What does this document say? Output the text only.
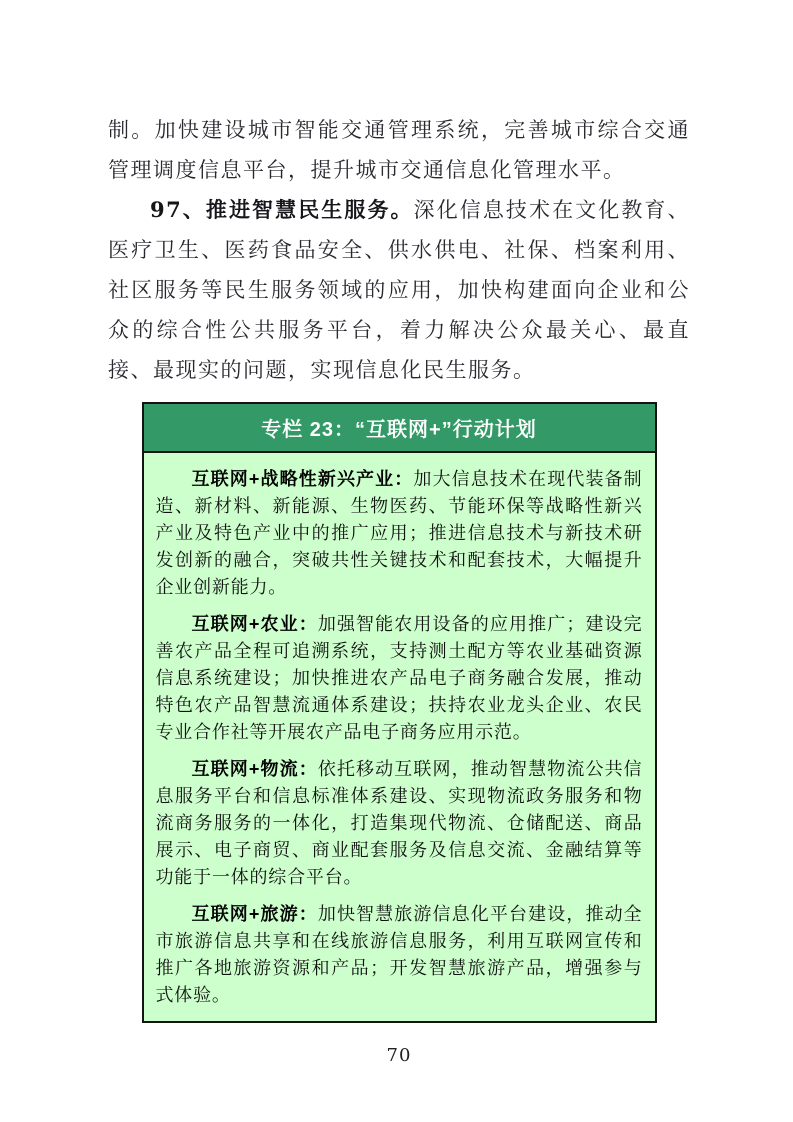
制。加快建设城市智能交通管理系统，完善城市综合交通管理调度信息平台，提升城市交通信息化管理水平。

97、推进智慧民生服务。深化信息技术在文化教育、医疗卫生、医药食品安全、供水供电、社保、档案利用、社区服务等民生服务领域的应用，加快构建面向企业和公众的综合性公共服务平台，着力解决公众最关心、最直接、最现实的问题，实现信息化民生服务。

专栏 23：“互联网+”行动计划

互联网+战略性新兴产业：加大信息技术在现代装备制造、新材料、新能源、生物医药、节能环保等战略性新兴产业及特色产业中的推广应用；推进信息技术与新技术研发创新的融合，突破共性关键技术和配套技术，大幅提升企业创新能力。

互联网+农业：加强智能农用设备的应用推广；建设完善农产品全程可追溯系统，支持测土配方等农业基础资源信息系统建设；加快推进农产品电子商务融合发展，推动特色农产品智慧流通体系建设；扶持农业龙头企业、农民专业合作社等开展农产品电子商务应用示范。

互联网+物流：依托移动互联网，推动智慧物流公共信息服务平台和信息标准体系建设、实现物流政务服务和物流商务服务的一体化，打造集现代物流、仓储配送、商品展示、电子商贸、商业配套服务及信息交流、金融结算等功能于一体的综合平台。

互联网+旅游：加快智慧旅游信息化平台建设，推动全市旅游信息共享和在线旅游信息服务，利用互联网宣传和推广各地旅游资源和产品；开发智慧旅游产品，增强参与式体验。

70
